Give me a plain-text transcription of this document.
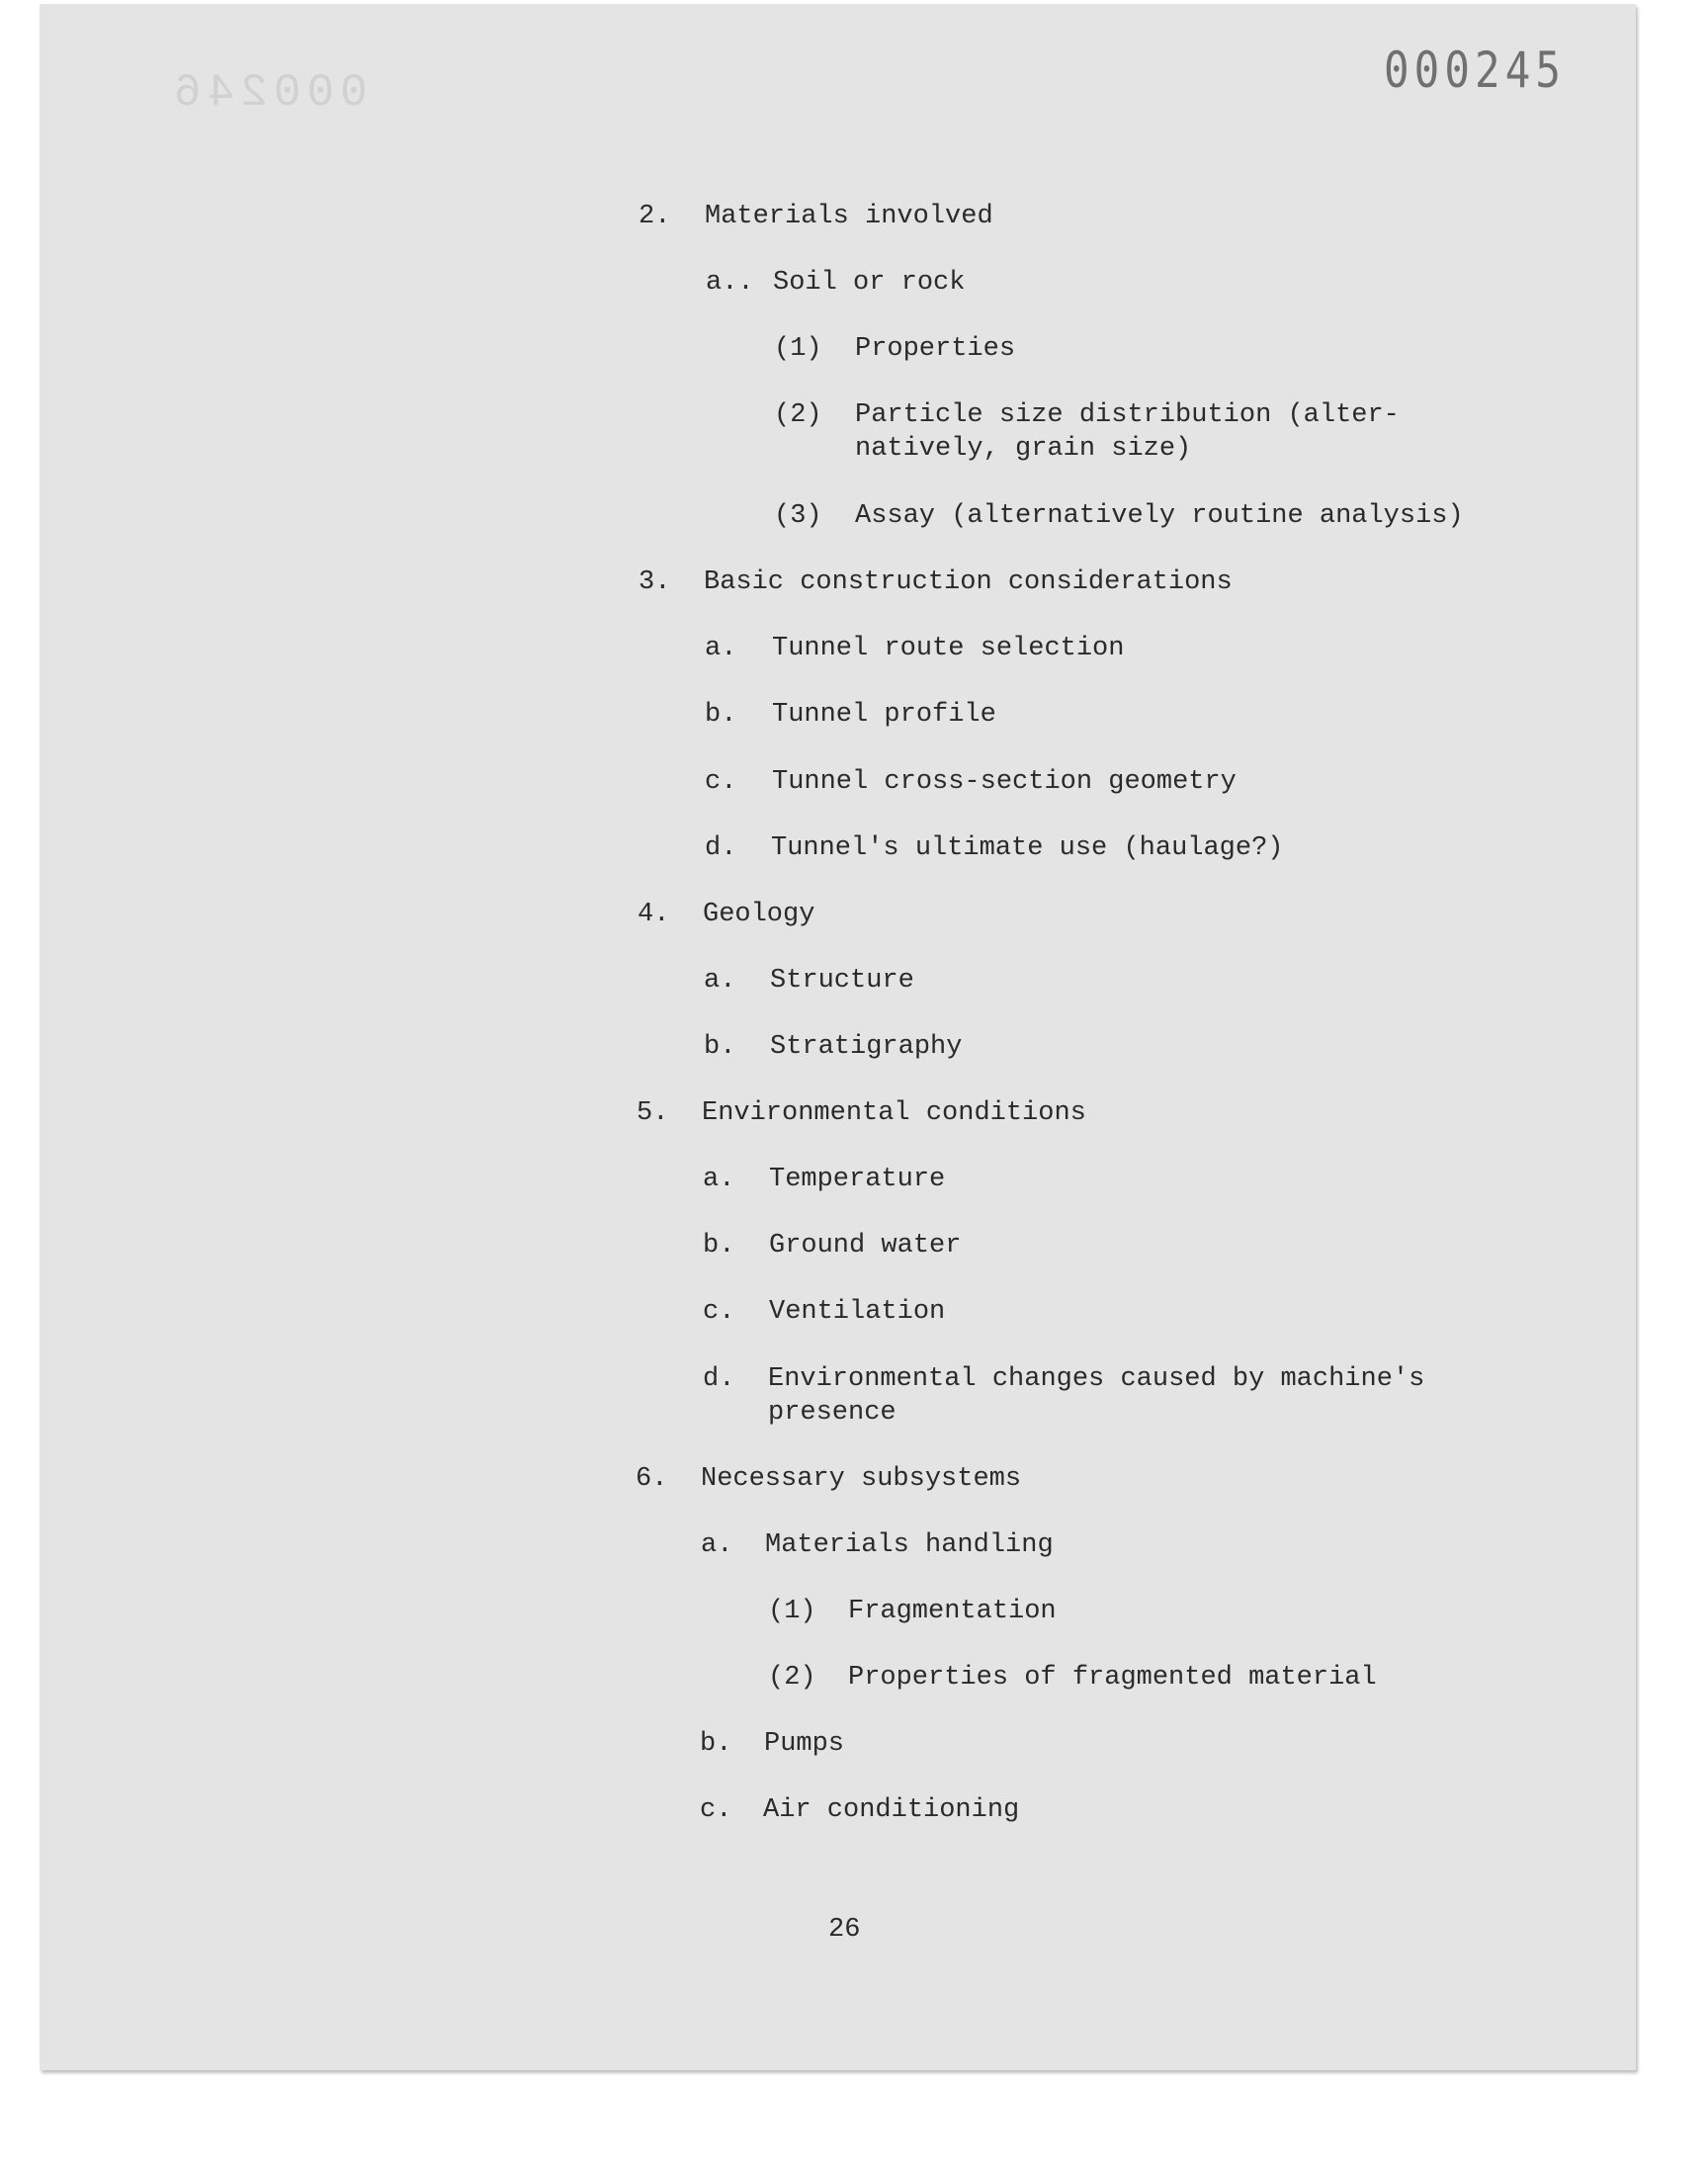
000246	000245
2. Materials involved
a.. Soil or rock
(1) Properties
(2) Particle size distribution (alter-
natively, grain size)
(3) Assay (alternatively routine analysis)
3. Basic construction considerations
a. Tunnel route selection
b. Tunnel profile
c. Tunnel cross-section geometry
d. Tunnel's ultimate use (haulage?)
4. Geology
a. Structure
b. Stratigraphy
5. Environmental conditions
a. Temperature
b. Ground water
c. Ventilation
d. Environmental changes caused by machine's
presence
6. Necessary subsystems
a. Materials handling
(1) Fragmentation
(2) Properties of fragmented material
b. Pumps
c. Air conditioning
26
